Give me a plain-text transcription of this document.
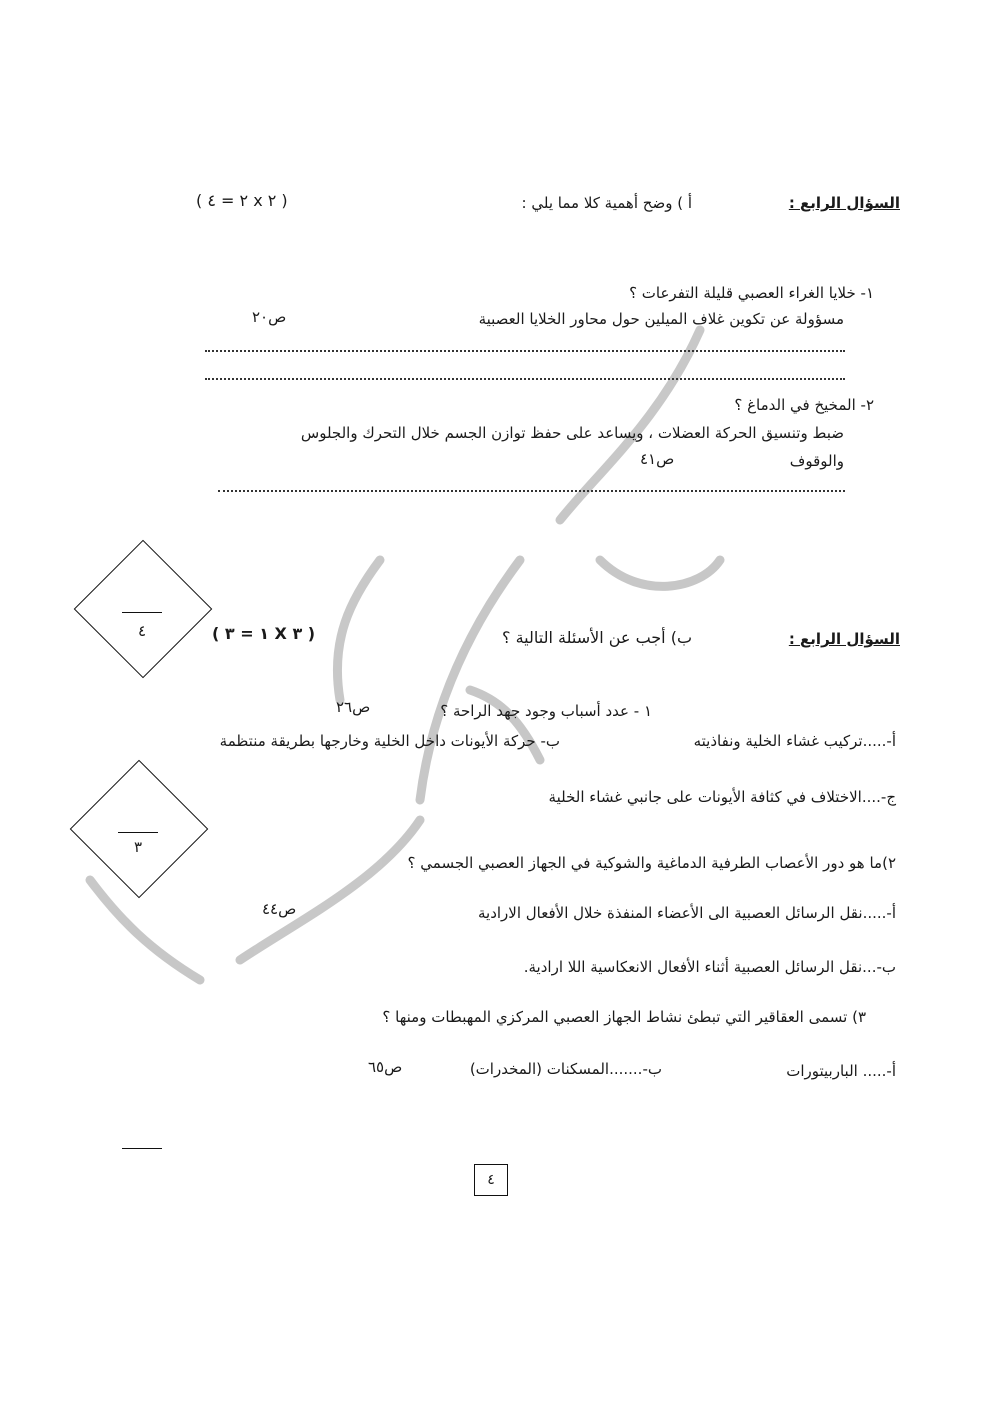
السؤال الرابع :
أ ) وضح أهمية كلا مما يلي :
( ٢ x ٢ = ٤ )
١- خلايا الغراء العصبي قليلة التفرعات ؟
مسؤولة عن تكوين غلاف الميلين حول محاور الخلايا العصبية
ص٢٠
٢- المخيخ في الدماغ ؟
ضبط وتنسيق الحركة العضلات ، ويساعد على حفظ توازن الجسم خلال التحرك والجلوس
والوقوف
ص٤١
٤	السؤال الرابع :
ب) أجب عن الأسئلة التالية ؟
( ٣ X ١ = ٣ )
١ - عدد أسباب وجود جهد الراحة ؟
ص٢٦
أ-.....تركيب غشاء الخلية ونفاذيته
ب- حركة الأيونات داخل الخلية وخارجها بطريقة منتظمة
ج-....الاختلاف في كثافة الأيونات على جانبي غشاء الخلية
٣
٢)ما هو دور الأعصاب الطرفية الدماغية والشوكية في الجهاز العصبي الجسمي ؟
أ-.....نقل الرسائل العصبية الى الأعضاء المنفذة خلال الأفعال الارادية
ص٤٤
ب-...نقل الرسائل العصبية أثناء الأفعال الانعكاسية اللا ارادية.
٣) تسمى العقاقير التي تبطئ نشاط الجهاز العصبي المركزي المهبطات ومنها ؟
أ-..... الباربيتورات
ب-.......المسكنات (المخدرات)
ص٦٥
٤
